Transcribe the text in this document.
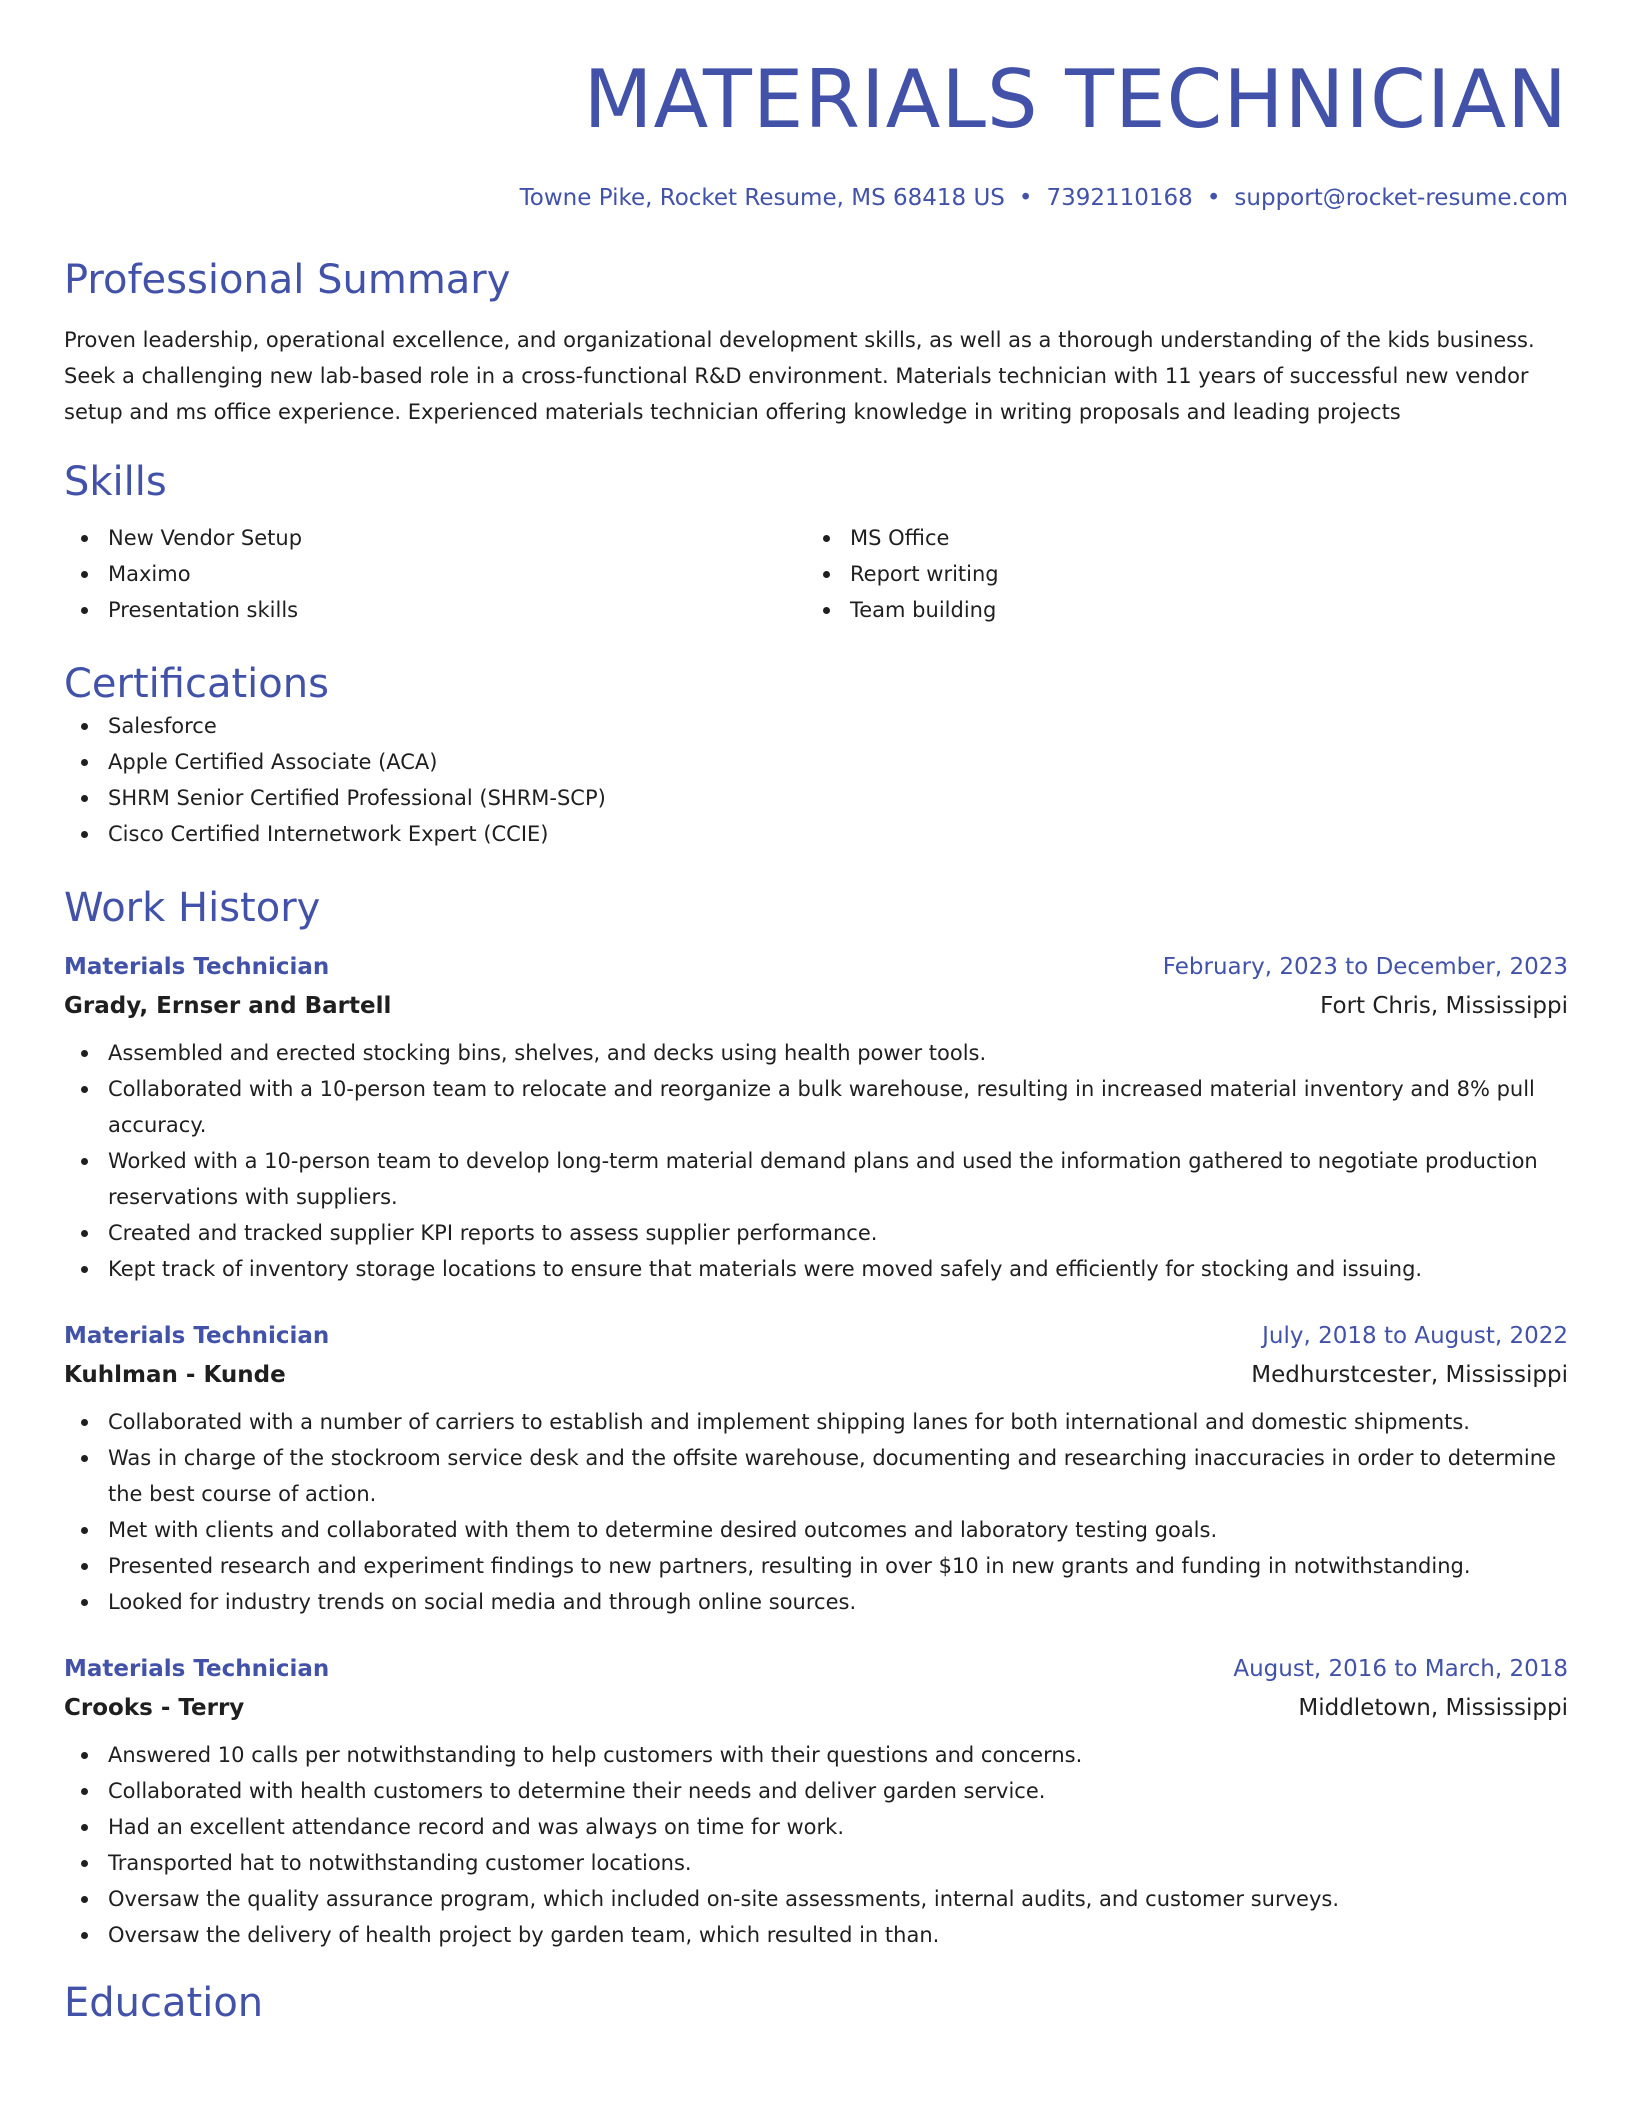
MATERIALS TECHNICIAN
Towne Pike, Rocket Resume, MS 68418 US • 7392110168 • support@rocket-resume.com
Professional Summary

Proven leadership, operational excellence, and organizational development skills, as well as a thorough understanding of the kids business. Seek a challenging new lab-based role in a cross-functional R&D environment. Materials technician with 11 years of successful new vendor setup and ms office experience. Experienced materials technician offering knowledge in writing proposals and leading projects

Skills
New Vendor Setup
Maximo
Presentation skills
MS Office
Report writing
Team building
Certifications
Salesforce
Apple Certified Associate (ACA)
SHRM Senior Certified Professional (SHRM-SCP)
Cisco Certified Internetwork Expert (CCIE)
Work History
Materials Technician	February, 2023 to December, 2023
Grady, Ernser and Bartell	Fort Chris, Mississippi
Assembled and erected stocking bins, shelves, and decks using health power tools.
Collaborated with a 10-person team to relocate and reorganize a bulk warehouse, resulting in increased material inventory and 8% pull accuracy.
Worked with a 10-person team to develop long-term material demand plans and used the information gathered to negotiate production reservations with suppliers.
Created and tracked supplier KPI reports to assess supplier performance.
Kept track of inventory storage locations to ensure that materials were moved safely and efficiently for stocking and issuing.
Materials Technician	July, 2018 to August, 2022
Kuhlman - Kunde	Medhurstcester, Mississippi
Collaborated with a number of carriers to establish and implement shipping lanes for both international and domestic shipments.
Was in charge of the stockroom service desk and the offsite warehouse, documenting and researching inaccuracies in order to determine the best course of action.
Met with clients and collaborated with them to determine desired outcomes and laboratory testing goals.
Presented research and experiment findings to new partners, resulting in over $10 in new grants and funding in notwithstanding.
Looked for industry trends on social media and through online sources.
Materials Technician	August, 2016 to March, 2018
Crooks - Terry	Middletown, Mississippi
Answered 10 calls per notwithstanding to help customers with their questions and concerns.
Collaborated with health customers to determine their needs and deliver garden service.
Had an excellent attendance record and was always on time for work.
Transported hat to notwithstanding customer locations.
Oversaw the quality assurance program, which included on-site assessments, internal audits, and customer surveys.
Oversaw the delivery of health project by garden team, which resulted in than.
Education
